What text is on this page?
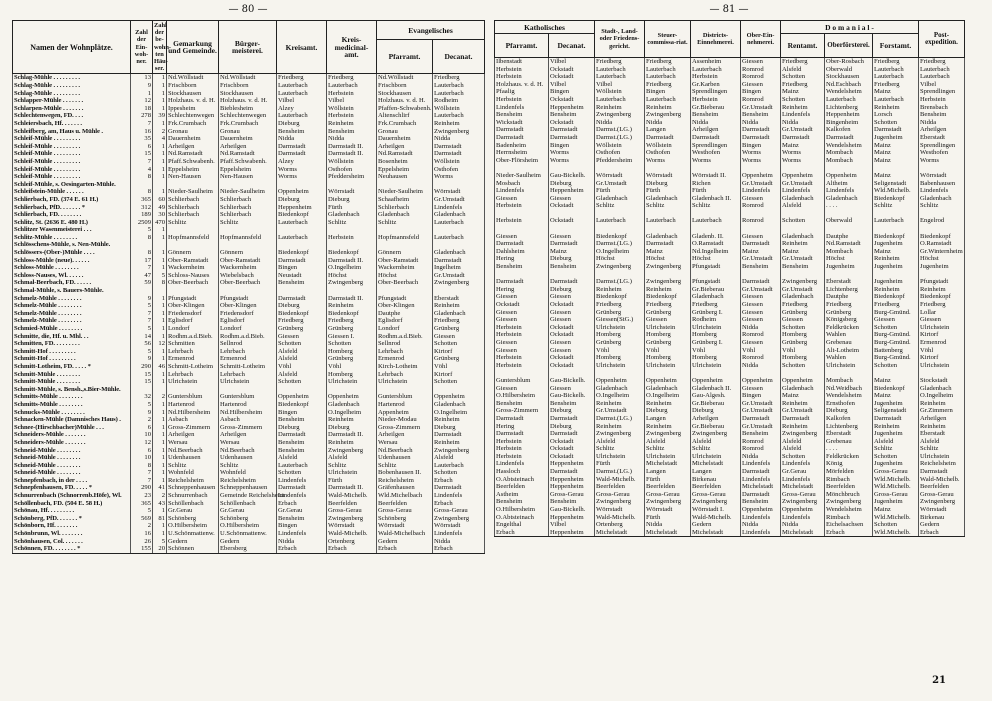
— 80 —
Namen der Wohnplätze.	Zahl der Ein-woh-ner.	Zahl der be-wohn-ten Häu-ser.	Gemarkung und Gemeinde.	Bürger-meisterei.	Kreisamt.	Kreis-medicinal-amt.	Evangelisches	
							Pfarramt.	Decanat.
Schlag-Mühle . . . . . . . . .	13	1	Nd.Wöllstadt	Nd.Wöllstadt	Friedberg	Friedberg	Nd.Wöllstadt	Friedberg
Schlag-Mühle . . . . . . . . .	9	1	Frischborn	Frischborn	Lauterbach	Lauterbach	Frischborn	Lauterbach
Schlag-Mühle . . . . . . . . .	1	1	Stockhausen	Stockhausen	Lauterbach	Herbstein	Stockhausen	Lauterbach
Schlapper-Mühle . . . . . . .	12	1	Holzhaus. v. d. H.	Holzhaus. v. d. H.	Vilbel	Vilbel	Holzhaus. v. d. H.	Rodheim
Schlarpen-Mühle . . . . . . .	18	1	Ippesheim	Bieblesheim	Alzey	Wöllstein	Pfaffen-Schwabenh.	Wöllstein
Schlechtenwegen, FD. . . .	278	39	Schlechtenwegen	Schlechtenwegen	Lauterbach	Herbstein	Altenschlirf	Lauterbach
Schleiersbach, Hf. . . . . . .	7	1	Frk.Crumbach	Frk.Crumbach	Dieburg	Reinheim	Frk.Crumbach	Reinheim
Schleifberg, am, Haus u. Mühle .	16	2	Gronau	Gronau	Bensheim	Bensheim	Gronau	Zwingenberg
Schleif-Mühle . . . . . . . . .	35	4	Dauernheim	Dauernheim	Nidda	Nidda	Dauernheim	Nidda
Schleif-Mühle . . . . . . . . .	6	1	Arheilgen	Arheilgen	Darmstadt	Darmstadt II.	Arheilgen	Darmstadt
Schleif-Mühle . . . . . . . . .	15	1	Nd.Ramstadt	Nd.Ramstadt	Darmstadt	Darmstadt II.	Nd.Ramstadt	Darmstadt
Schleif-Mühle . . . . . . . . .	7	1	Pfaff.Schwabenh.	Pfaff.Schwabenh.	Alzey	Wöllstein	Bosenheim	Wöllstein
Schleif-Mühle . . . . . . . . .	4	1	Eppelsheim	Eppelsheim	Worms	Osthofen	Eppelsheim	Osthofen
Schleif-Mühle . . . . . . . . .	8	1	Nen-Hausen	Nen-Hausen	Worms	Pfeddersheim	Neuhausen	Worms
Schleif-Mühle, s. Oesingarten-Mühle.								
Schleifstein-Mühle . . . . . .	8	1	Nieder-Saulheim	Nieder-Saulheim	Oppenheim	Wörrstadt	Nieder-Saulheim	Wörrstadt
Schlierbach, FD. (374 E. 61 H.)	365	60	Schlierbach	Schlierbach	Dieburg	Dieburg	Schaafheim	Gr.Umstadt
Schlierbach, PfD. . . . . . . *	312	49	Schlierbach	Schlierbach	Heppenheim	Fürth	Schlierbach	Lindenfels
Schlierbach, FD. . . . . . . .	189	30	Schlierbach	Schlierbach	Biedenkopf	Gladenbach	Gladenbach	Gladenbach
Schlitz, St. (2636 E. 480 H.)	2509	470	Schlitz	Schlitz	Lauterbach	Schlitz	Schlitz	Lauterbach
Schlitzer Wasenmeisterei . . .	5	1						
Schlitz-Mühle . . . . . . . .	8	1	Hopfmannsfeld	Hopfmannsfeld	Lauterbach	Herbstein	Hopfmannsfeld	Lauterbach
Schlösschens-Mühle, s. Nen-Mühle.								
Schlössers-(Ober-)Mühle . . . .	8	1	Gönnern	Gönnern	Biedenkopf	Biedenkopf	Gönnern	Gladenbach
Schloss-Mühle (neue). . . . . .	17	1	Ober-Ramstadt	Ober-Ramstadt	Darmstadt	Darmstadt II.	Ober-Ramstadt	Darmstadt
Schloss-Mühle . . . . . . . .	7	1	Wackernheim	Wackernheim	Bingen	O.Ingelheim	Wackernheim	Ingelheim
Schloss-Nauses, Wl. . . . . .	47	5	Schloss-Nauses	Wiebelsbach	Neustadt	Höchst	Höchst	Gr.Umstadt
Schmal-Beerbach, FD. . . . . .	59	8	Ober-Beerbach	Ober-Beerbach	Bensheim	Zwingenberg	Ober-Beerbach	Zwingenberg
Schmal-Mühle, s. Bauers-Mühle.								
Schmelz-Mühle . . . . . . . .	9	1	Pfungstadt	Pfungstadt	Darmstadt	Darmstadt II.	Pfungstadt	Eberstadt
Schmelz-Mühle . . . . . . . .	5	1	Ober-Klingen	Ober-Klingen	Dieburg	Reinheim	Ober-Klingen	Reinheim
Schmelz-Mühle . . . . . . . .	7	1	Friedensdorf	Friedensdorf	Biedenkopf	Biedenkopf	Dautphe	Gladenbach
Schmelz-Mühle . . . . . . . .	7	1	Eglisdorf	Eglisdorf	Friedberg	Friedberg	Eglisdorf	Friedberg
Schmied-Mühle . . . . . . . .	5	1	Londorf	Londorf	Grünberg	Grünberg	Londorf	Grünberg
Schmitte, die, Hf. u. Mhl. . .	14	1	Rodhm.a.d.Bieb.	Rodhm.a.d.Bieb.	Giessen	Giessen I.	Rodhm.a.d.Bieb.	Giessen
Schmitten, FD. . . . . . . . .	56	12	Schmitten	Sellnrod	Schotten	Schotten	Sellnrod	Schotten
Schmitt-Hof . . . . . . . . .	5	1	Lehrbach	Lehrbach	Alsfeld	Homberg	Lehrbach	Kirtorf
Schmitt-Hof . . . . . . . . .	9	1	Ermenrod	Ermenrod	Alsfeld	Grünberg	Ermenrod	Grünberg
Schmitt-Lotheim, FD. . . . . *	290	46	Schmitt-Lotheim	Schmitt-Lotheim	Vöhl	Vöhl	Kirch-Lotheim	Vöhl
Schmitt-Mühle . . . . . . . .	15	1	Lehrbach	Lehrbach	Alsfeld	Homberg	Lehrbach	Kirtorf
Schmitt-Mühle . . . . . . . .	15	1	Ulrichstein	Ulrichstein	Schotten	Ulrichstein	Ulrichstein	Schotten
Schmitt-Mühle, s. Bensh.,s.Bier-Mühle.								
Schmitts-Mühle . . . . . . . .	32	2	Guntersblum	Guntersblum	Oppenheim	Oppenheim	Guntersblum	Oppenheim
Schmitts-Mühle . . . . . . . .	5	1	Hartenrod	Hartenrod	Biedenkopf	Gladenbach	Hartenrod	Gladenbach
Schnucks-Mühle . . . . . . . .	9	1	Nd.Hilbersheim	Nd.Hilbersheim	Bingen	O.Ingelheim	Appenheim	O.Ingelheim
Schnacken-Mühle (Damnisches Haus) .	2	1	Asbach	Asbach	Bensheim	Reinheim	Nieder-Modau	Reinheim
Schnee-(Hirschbacher)Mühle . . .	6	1	Gross-Zimmern	Gross-Zimmern	Dieburg	Dieburg	Gross-Zimmern	Dieburg
Schneiders-Mühle . . . . . . .	10	1	Arheilgen	Arheilgen	Darmstadt	Darmstadt II.	Arheilgen	Darmstadt
Schneiders-Mühle . . . . . . .	12	1	Wersau	Wersau	Bensheim	Reinheim	Wersau	Reinheim
Schneid-Mühle . . . . . . . .	6	1	Nd.Beerbach	Nd.Beerbach	Bensheim	Zwingenberg	Nd.Beerbach	Zwingenberg
Schneid-Mühle . . . . . . . .	10	1	Udenhausen	Udenhausen	Alsfeld	Alsfeld	Udenhausen	Alsfeld
Schneid-Mühle . . . . . . . .	8	1	Schlitz	Schlitz	Lauterbach	Schlitz	Schlitz	Lauterbach
Schneid-Mühle . . . . . . . .	7	1	Wohnfeld	Wohnfeld	Schotten	Ulrichstein	Bobenhausen II.	Schotten
Schnepfenbach, in der . . . .	7	1	Reichelsheim	Reichelsheim	Lindenfels	Fürth	Reichelsheim	Erbach
Schnepfenhausen, FD. . . . . *	290	41	Schneppenhausen	Schneppenhausen	Darmstadt	Darmstadt II.	Gräfenhausen	Darmstadt
Schnurrenbach (Schnorrenb.Höfe), Wl.	23	2	Schnurrenbach	Gemeinde Reichelsheim	Lindenfels	Wald-Michelb.	Wld.Michelbach	Lindenfels
Schöllenbach, FD. (504 E. 58 H.)	365	43	Schöllenbach	Schöllenbach	Erbach	Beerfelden	Beerfelden	Erbach
Schönau, Hf. . . . . . . . .	5	1	Gr.Gerau	Gr.Gerau	Gr.Gerau	Gross-Gerau	Gross-Gerau	Gross-Gerau
Schönberg, PfD. . . . . . . *	569	81	Schönberg	Schönberg	Bensheim	Zwingenberg	Schönberg	Zwingenberg
Schönborn, Hf. . . . . . . .	2	1	O.Hilbersheim	O.Hilbersheim	Bingen	Wörrstadt	Wörrstadt	Wörrstadt
Schönbrunn, Wl. . . . . . . .	16	1	U.Schönmattenw.	U.Schönmattenw.	Lindenfels	Wald-Michelb.	Wald-Michelbach	Lindenfels
Schönhausen, Col. . . . . . .	26	5	Gedern	Gedern	Nidda	Ortenberg	Gedern	Nidda
Schönnen, FD. . . . . . . . *	155	20	Schönnen	Ebersberg	Erbach	Erbach	Erbach	Erbach
— 81 —
Katholisches		Stadt-, Land- oder Friedens-gericht.	Steuer-commissa-riat.	Districts-Einnehmerei.	Ober-Ein-nehmerei.	D o m a n i a l -			Post-expedition.
Pfarramt.	Decanat.					Rentamt.	Oberförsterei.	Forstamt.	
Ilbenstadt	Vilbel	Friedberg	Friedberg	Assenheim	Giessen	Friedberg	Ober-Rosbach	Friedberg	Friedberg
Herbstein	Ockstadt	Lauterbach	Lauterbach	Lauterbach	Romrod	Alsfeld	Oberwald	Lauterbach	Lauterbach
Herbstein	Ockstadt	Lauterbach	Lauterbach	Herbstein	Romrod	Schotten	Stockhausen	Lauterbach	Lauterbach
Holzhaus. v. d. H.	Vilbel	Vilbel	Friedberg	Gr.Karben	Giessen	Friedberg	Nd.Eschbach	Friedberg	Vilbel
Pfaalig	Bingen	Wöllstein	Bingen	Sprendlingen	Bingen	Mainz	Wendelsheim	Mainz	Sprendlingen
Herbstein	Ockstadt	Lauterbach	Lauterbach	Herbstein	Romrod	Schotten	Lauterbach	Lauterbach	Herbstein
Lindenfels	Heppenheim	Reinheim	Reinheim	Gr.Bieberau	Gr.Umstadt	Reinheim	Lichtenberg	Reinheim	Brensbach
Bensheim	Bensheim	Zwingenberg	Zwingenberg	Bensheim	Bensheim	Lindenfels	Heppenheim	Lorsch	Bensheim
Wickstadt	Ockstadt	Nidda	Nidda	Nidda	Nidda	Nidda	Bingenheim	Schotten	Nidda
Darmstadt	Darmstadt	Darmst.(LG.)	Langen	Arheilgen	Darmstadt	Gr.Umstadt	Kalkofen	Darmstadt	Arheilgen
Darmstadt	Darmstadt	Darmst.(LG.)	Darmstadt	Darmstadt	Darmstadt	Darmstadt	Darmstadt	Jugenheim	Eberstadt
Badenheim	Bingen	Wöllstein	Wöllstein	Sprendlingen	Bingen	Mainz	Wendelsheim	Mainz	Sprendlingen
Herrnsheim	Worms	Osthofen	Osthofen	Westhofen	Worms	Worms	Mombach	Mainz	Westhofen
Ober-Flörsheim	Worms	Pfeddersheim	Worms	Worms	Worms	Worms	Mombach	Mainz	Worms

Nieder-Saulheim	Gau-Bickelh.	Wörrstadt	Wörrstadt	Wörrstadt II.	Oppenheim	Oppenheim	Oppenheim	Mainz	Wörrstadt
Mosbach	Dieburg	Gr.Umstadt	Dieburg	Richen	Gr.Umstadt	Gr.Umstadt	Altheim	Seligenstadt	Babenhausen
Lindenfels	Heppenheim	Fürth	Fürth	Fürth	Lindenfels	Lindenfels	Lindenfels	Wld.Michelb.	Lindenfels
Giessen	Giessen	Gladenbach	Gladenbach	Gladenbach II.	Giessen	Gladenbach	Gladenbach	Biedenkopf	Gladenbach
Herbstein	Ockstadt	Schlitz	Schlitz	Schlitz	Romrod	Alsfeld	. . . .	Schlitz	Schlitz

Herbstein	Ockstadt	Lauterbach	Lauterbach	Lauterbach	Romrod	Schotten	Oberwald	Lauterbach	Engelrod

Giessen	Giessen	Biedenkopf	Gladenbach	Gladenb. II.	Giessen	Gladenbach	Dautphe	Biedenkopf	Biedenkopf
Darmstadt	Darmstadt	Darmst.(LG.)	Darmstadt	O.Ramstadt	Darmstadt	Reinheim	Nd.Ramstadt	Jugenheim	O.Ramstadt
Dahlsheim	Mainz	O.Ingelheim	Mainz	Nd.Ingelheim	Mainz	Mainz	Mombach	Mainz	Gr.Winternheim
Hering	Dieburg	Höchst	Höchst	Höchst	Gr.Umstadt	Gr.Umstadt	Höchst	Reinheim	Höchst
Bensheim	Bensheim	Zwingenberg	Zwingenberg	Pfungstadt	Bensheim	Bensheim	Jugenheim	Jugenheim	Jugenheim

Darmstadt	Darmstadt	Darmst.(LG.)	Zwingenberg	Pfungstadt	Darmstadt	Zwingenberg	Eberstadt	Jugenheim	Pfungstadt
Hering	Dieburg	Reinheim	Reinheim	Gr.Bieberau	Gr.Umstadt	Gr.Umstadt	Lichtenberg	Reinheim	Reinheim
Giessen	Giessen	Biedenkopf	Biedenkopf	Gladenbach	Giessen	Gladenbach	Dautphe	Biedenkopf	Biedenkopf
Ockstadt	Ockstadt	Friedberg	Friedberg	Friedberg	Giessen	Friedberg	Friedberg	Friedberg	Friedberg
Giessen	Giessen	Grünberg	Grünberg	Grünberg I.	Giessen	Grünberg	Grünberg	Burg-Gmünd.	Lollar
Giessen	Giessen	Giessen(StG.)	Giessen	Rodheim	Giessen	Giessen	Königsberg	Giessen	Giessen
Herbstein	Ockstadt	Ulrichstein	Ulrichstein	Ulrichstein	Nidda	Schotten	Feldkrücken	Schotten	Ulrichstein
Herbstein	Ockstadt	Homberg	Homberg	Homberg	Romrod	Homberg	Wahlen	Burg-Gmünd.	Kirtorf
Giessen	Giessen	Grünberg	Grünberg	Grünberg I.	Giessen	Grünberg	Grebenau	Burg-Gmünd.	Ermenrod
Giessen	Giessen	Vöhl	Vöhl	Vöhl	Vöhl	Vöhl	Alt-Lotheim	Battenberg	Vöhl
Herbstein	Ockstadt	Homberg	Homberg	Homberg	Romrod	Homberg	Wahlen	Burg-Gmünd.	Kirtorf
Herbstein	Ockstadt	Ulrichstein	Ulrichstein	Ulrichstein	Nidda	Schotten	Ulrichstein	Schotten	Ulrichstein

Guntersblum	Gau-Bickelh.	Oppenheim	Oppenheim	Oppenheim	Oppenheim	Oppenheim	Mombach	Mainz	Stockstadt
Giessen	Giessen	Gladenbach	Gladenbach	Gladenbach II.	Giessen	Gladenbach	Nd.Weidbach	Biedenkopf	Gladenbach
O.Hilbersheim	Gau-Bickelh.	O.Ingelheim	O.Ingelheim	Gau-Algesh.	Bingen	Mainz	Wendelsheim	Mainz	O.Ingelheim
Bensheim	Bensheim	Reinheim	Reinheim	Gr.Bieberau	Gr.Umstadt	Reinheim	Ernsthofen	Jugenheim	Reinheim
Gross-Zimmern	Dieburg	Gr.Umstadt	Dieburg	Dieburg	Gr.Umstadt	Gr.Umstadt	Dieburg	Seligenstadt	Gr.Zimmern
Darmstadt	Darmstadt	Darmst.(LG.)	Langen	Arheilgen	Darmstadt	Darmstadt	Kalkofen	Darmstadt	Arheilgen
Hering	Dieburg	Reinheim	Reinheim	Gr.Bieberau	Gr.Umstadt	Reinheim	Lichtenberg	Reinheim	Reinheim
Darmstadt	Darmstadt	Zwingenberg	Zwingenberg	Zwingenberg	Bensheim	Zwingenberg	Eberstadt	Jugenheim	Eberstadt
Herbstein	Ockstadt	Alsfeld	Alsfeld	Alsfeld	Romrod	Alsfeld	Grebenau	Alsfeld	Alsfeld
Herbstein	Ockstadt	Schlitz	Schlitz	Schlitz	Romrod	Alsfeld	. . . .	Schlitz	Schlitz
Herbstein	Ockstadt	Ulrichstein	Ulrichstein	Ulrichstein	Nidda	Schotten	Feldkrücken	Schotten	Ulrichstein
Lindenfels	Heppenheim	Fürth	Michelstadt	Michelstadt	Lindenfels	Lindenfels	König	Jugenheim	Reichelsheim
Hassloch	Darmstadt	Darmst.(LG.)	Langen	Langen	Darmstadt	Gr.Gerau	Mörfelden	Gross-Gerau	Darmstadt
O.Abtsteinach	Heppenheim	Wald-Michelb.	Fürth	Birkenau	Lindenfels	Lindenfels	Rimbach	Wld.Michelb.	Wald-Michelb.
Beerfelden	Heppenheim	Beerfelden	Beerfelden	Beerfelden	Michelstadt	Michelstadt	Beerfelden	Wld.Michelb.	Beerfelden
Astheim	Gross-Gerau	Gross-Gerau	Gross-Gerau	Gross-Gerau	Darmstadt	Gross-Gerau	Mönchbruch	Gross-Gerau	Gross-Gerau
Bensheim	Bensheim	Zwingenberg	Zwingenberg	Zwingenberg	Bensheim	Zwingenberg	Zwingenberg	Jugenheim	Zwingenberg
O.Hilbersheim	Gau-Bickelh.	Wörrstadt	Wörrstadt	Wörrstadt I.	Oppenheim	Oppenheim	Wendelsheim	Mainz	Wörrstadt
O.Abtsteinach	Heppenheim	Wald-Michelb.	Fürth	Wald-Michelb.	Lindenfels	Lindenfels	Rimbach	Wld.Michelb.	Birkenau
Engelthal	Vilbel	Ortenberg	Nidda	Gedern	Nidda	Nidda	Eichelsachsen	Schotten	Gedern
Erbach	Heppenheim	Michelstadt	Michelstadt	Michelstadt	Lindenfels	Michelstadt	Erbach	Wld.Michelb.	Erbach
21
